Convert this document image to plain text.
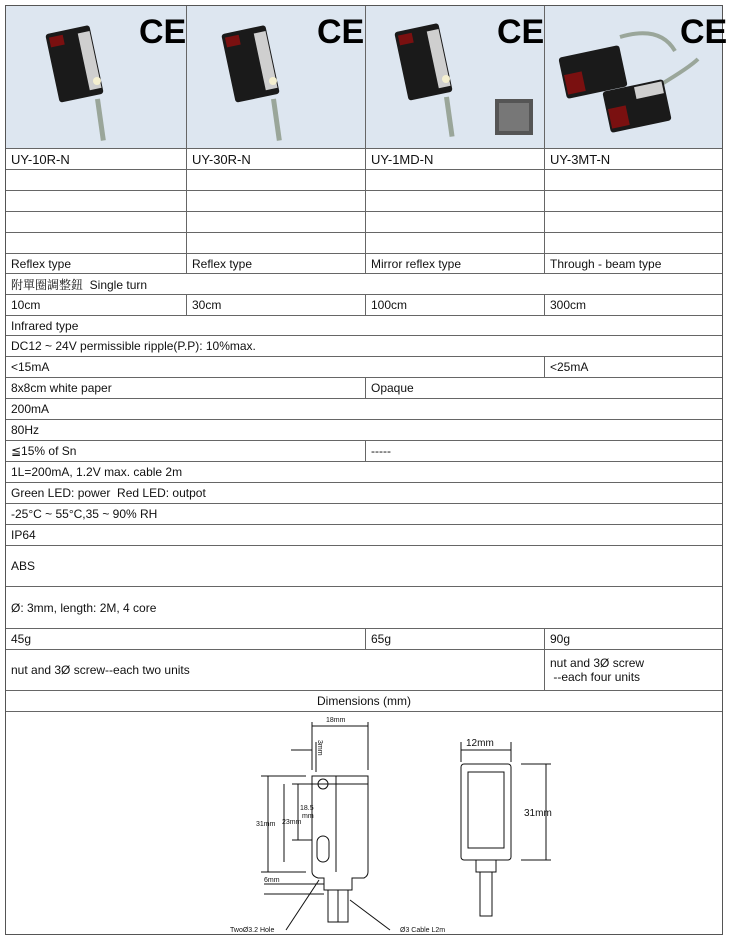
CE	CE	CE	CE
UY-10R-N	UY-30R-N	UY-1MD-N	UY-3MT-N
Reflex type	Reflex type	Mirror reflex type	Through - beam type
附單圈調整鈕  Single turn
10cm	30cm	100cm	300cm
Infrared type
DC12 ~ 24V permissible ripple(P.P): 10%max.
<15mA	<25mA
8x8cm white paper	Opaque
200mA
80Hz
≦15% of Sn	-----
1L=200mA, 1.2V max. cable 2m
Green LED: power  Red LED: outpot
-25°C ~ 55°C,35 ~ 90% RH
IP64
ABS
Ø: 3mm, length: 2M, 4 core
45g	65g	90g
nut and 3Ø screw--each two units	nut and 3Ø screw
--each four units
Dimensions (mm)
18mm
3mm
18.5
mm
23mm
31mm
6mm
TwoØ3.2 Hole	Ø3 Cable L2m
12mm
31mm
